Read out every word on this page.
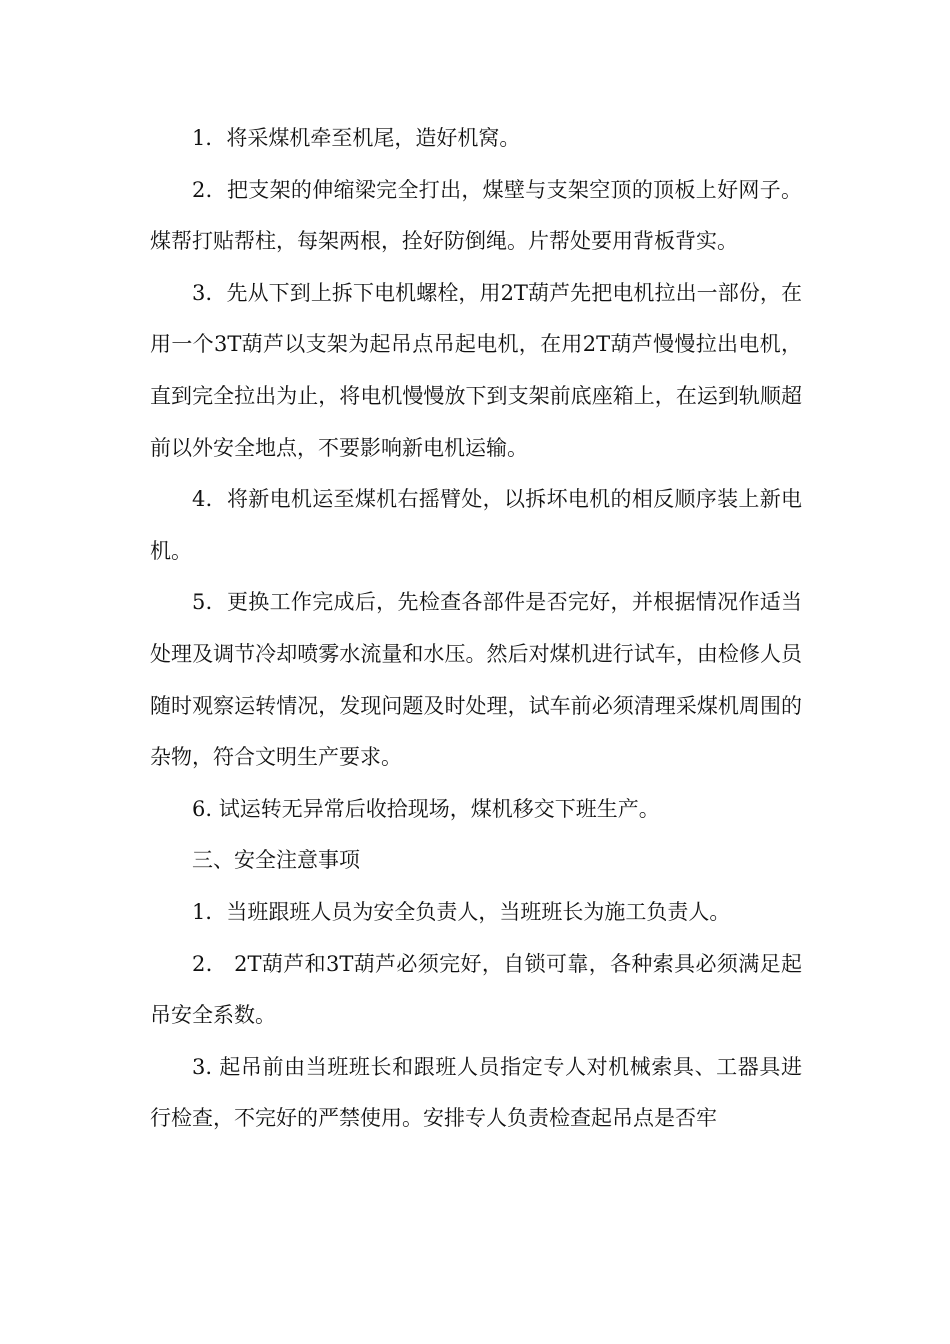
1．将采煤机牵至机尾，造好机窝。

2．把支架的伸缩梁完全打出，煤壁与支架空顶的顶板上好网子。煤帮打贴帮柱，每架两根，拴好防倒绳。片帮处要用背板背实。

3．先从下到上拆下电机螺栓，用2T葫芦先把电机拉出一部份，在用一个3T葫芦以支架为起吊点吊起电机，在用2T葫芦慢慢拉出电机，直到完全拉出为止，将电机慢慢放下到支架前底座箱上，在运到轨顺超前以外安全地点，不要影响新电机运输。

4．将新电机运至煤机右摇臂处，以拆坏电机的相反顺序装上新电机。

5．更换工作完成后，先检查各部件是否完好，并根据情况作适当处理及调节冷却喷雾水流量和水压。然后对煤机进行试车，由检修人员随时观察运转情况，发现问题及时处理，试车前必须清理采煤机周围的杂物，符合文明生产要求。

6. 试运转无异常后收拾现场，煤机移交下班生产。

三、安全注意事项

1．当班跟班人员为安全负责人，当班班长为施工负责人。

2． 2T葫芦和3T葫芦必须完好，自锁可靠，各种索具必须满足起吊安全系数。

3. 起吊前由当班班长和跟班人员指定专人对机械索具、工器具进行检查，不完好的严禁使用。安排专人负责检查起吊点是否牢
